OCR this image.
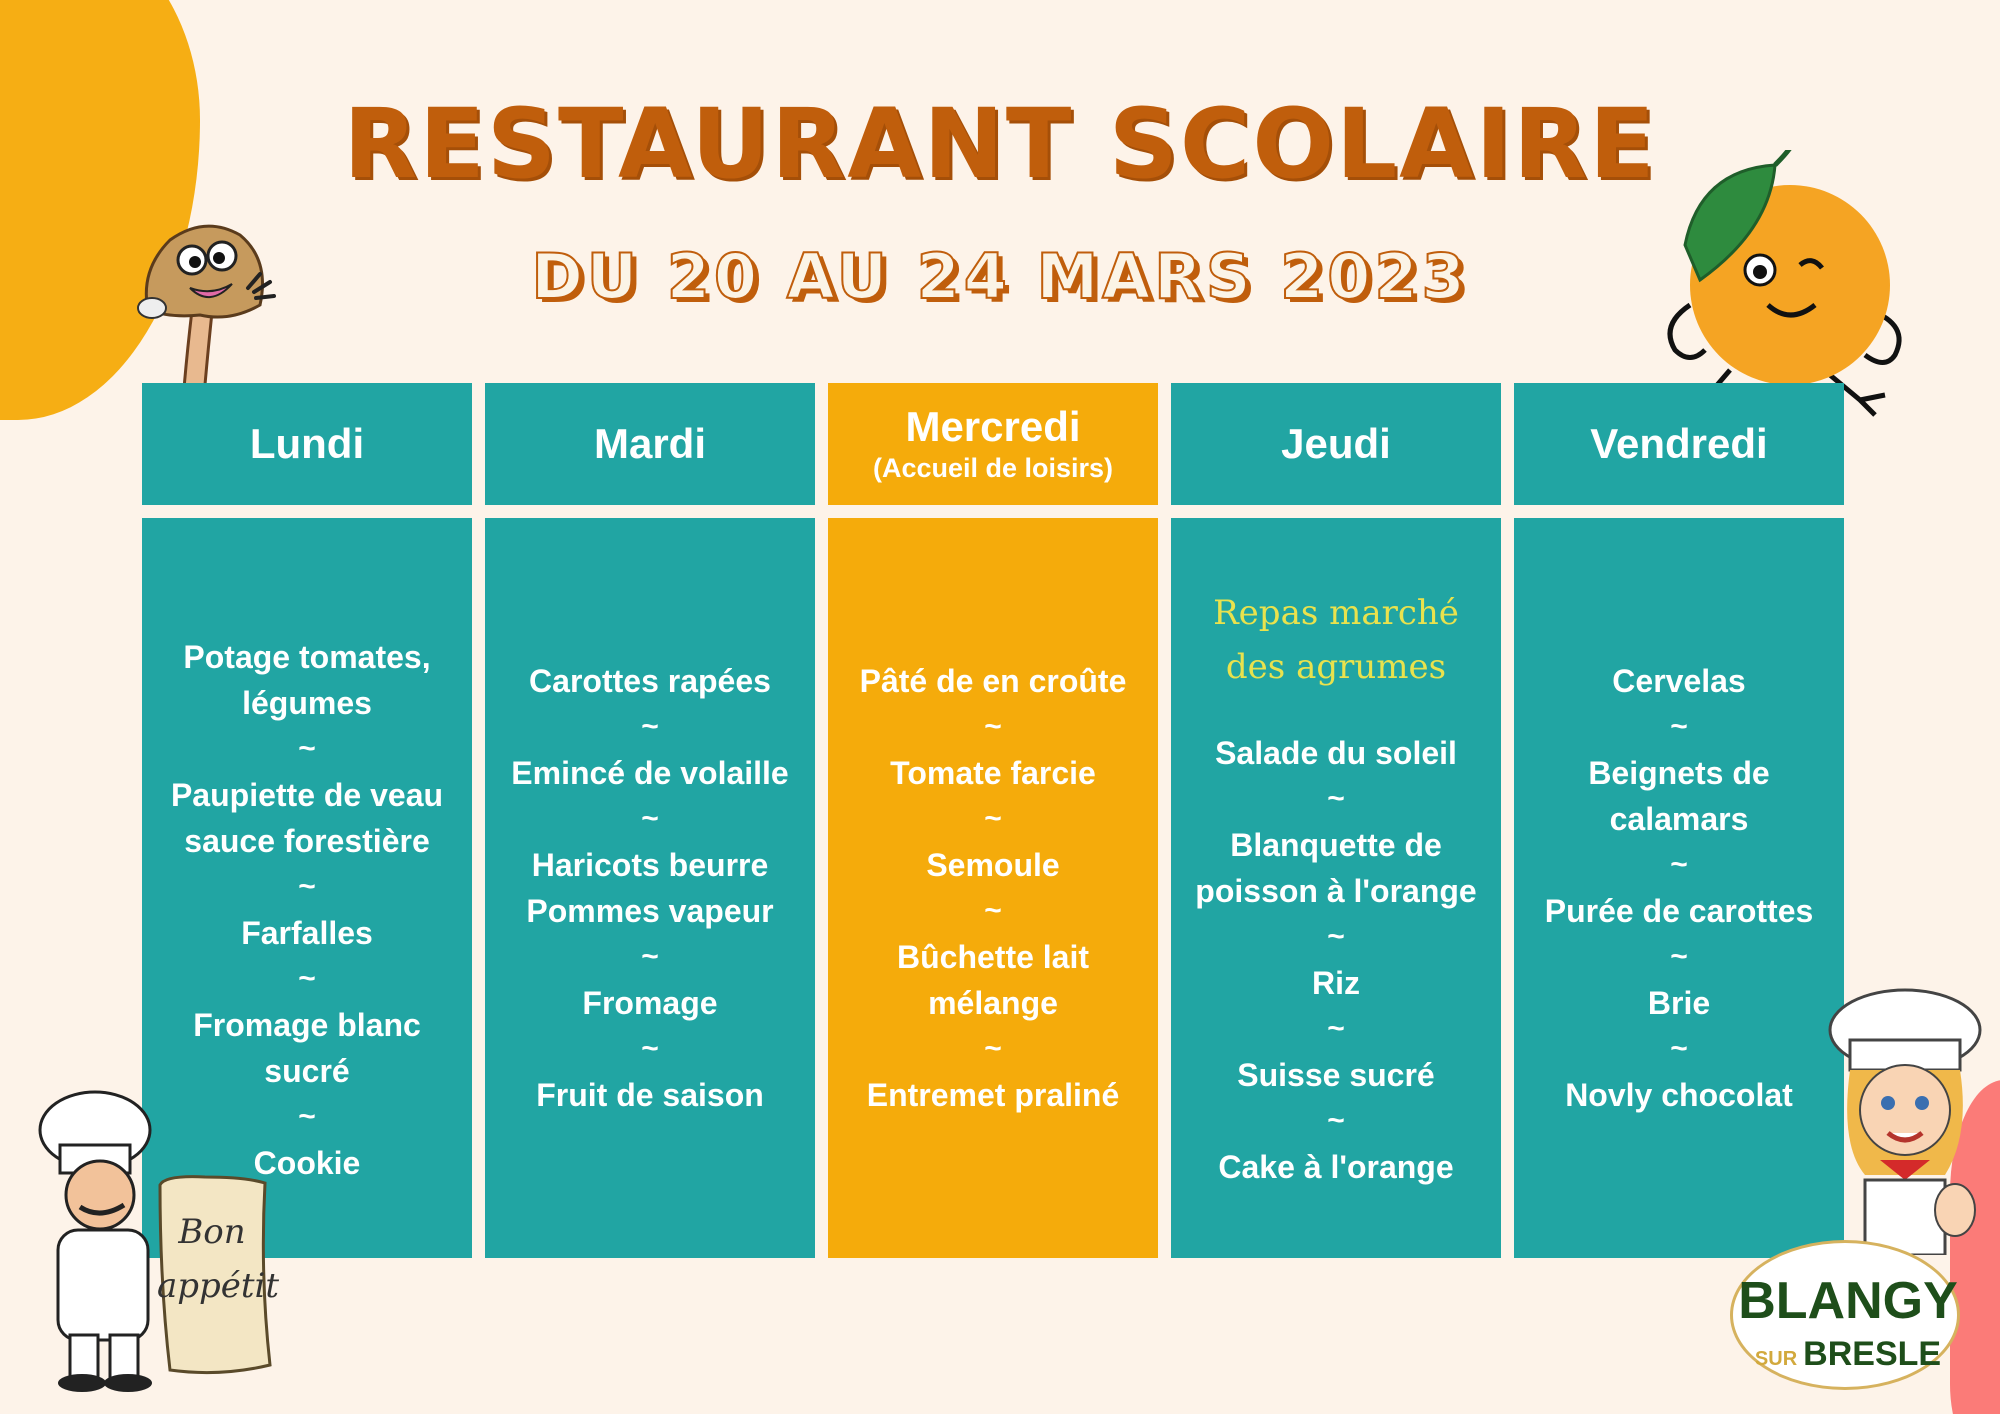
RESTAURANT SCOLAIRE
DU 20 AU 24 MARS 2023
Lundi
Potage tomates, légumes
~
Paupiette de veau sauce forestière
~
Farfalles
~
Fromage blanc sucré
~
Cookie
Mardi
Carottes rapées
~
Emincé de volaille
~
Haricots beurre
Pommes vapeur
~
Fromage
~
Fruit de saison
Mercredi
(Accueil de loisirs)
Pâté de en croûte
~
Tomate farcie
~
Semoule
~
Bûchette lait mélange
~
Entremet praliné
Jeudi
Repas marché des agrumes
Salade du soleil
~
Blanquette de poisson à l'orange
~
Riz
~
Suisse sucré
~
Cake à l'orange
Vendredi
Cervelas
~
Beignets de calamars
~
Purée de carottes
~
Brie
~
Novly chocolat
Bon
appétit	BLANGY
SUR BRESLE
